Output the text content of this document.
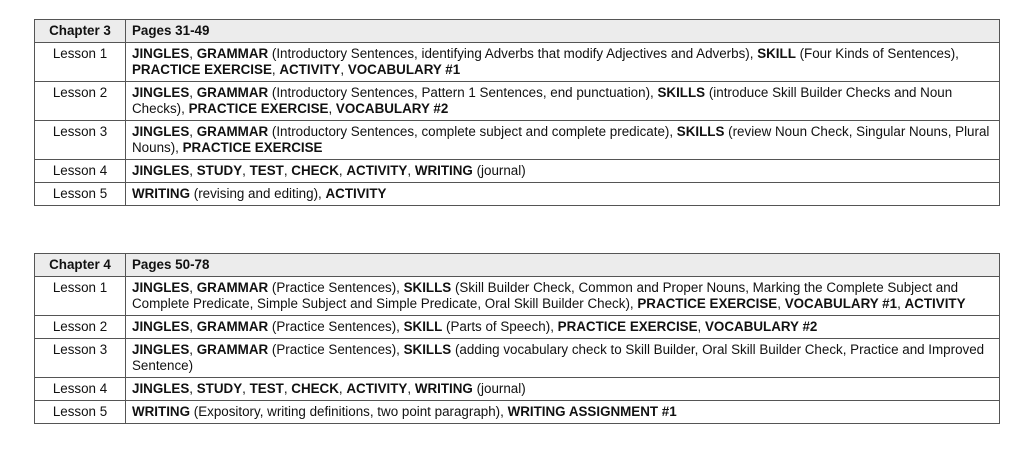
Chapter 3	Pages 31-49
Lesson 1	JINGLES, GRAMMAR (Introductory Sentences, identifying Adverbs that modify Adjectives and Adverbs), SKILL (Four Kinds of Sentences), PRACTICE EXERCISE, ACTIVITY, VOCABULARY #1
Lesson 2	JINGLES, GRAMMAR (Introductory Sentences, Pattern 1 Sentences, end punctuation), SKILLS (introduce Skill Builder Checks and Noun Checks), PRACTICE EXERCISE, VOCABULARY #2
Lesson 3	JINGLES, GRAMMAR (Introductory Sentences, complete subject and complete predicate), SKILLS (review Noun Check, Singular Nouns, Plural Nouns), PRACTICE EXERCISE
Lesson 4	JINGLES, STUDY, TEST, CHECK, ACTIVITY, WRITING (journal)
Lesson 5	WRITING (revising and editing), ACTIVITY
Chapter 4	Pages 50-78
Lesson 1	JINGLES, GRAMMAR (Practice Sentences), SKILLS (Skill Builder Check, Common and Proper Nouns, Marking the Complete Subject and Complete Predicate, Simple Subject and Simple Predicate, Oral Skill Builder Check), PRACTICE EXERCISE, VOCABULARY #1, ACTIVITY
Lesson 2	JINGLES, GRAMMAR (Practice Sentences), SKILL (Parts of Speech), PRACTICE EXERCISE, VOCABULARY #2
Lesson 3	JINGLES, GRAMMAR (Practice Sentences), SKILLS (adding vocabulary check to Skill Builder, Oral Skill Builder Check, Practice and Improved Sentence)
Lesson 4	JINGLES, STUDY, TEST, CHECK, ACTIVITY, WRITING (journal)
Lesson 5	WRITING (Expository, writing definitions, two point paragraph), WRITING ASSIGNMENT #1
